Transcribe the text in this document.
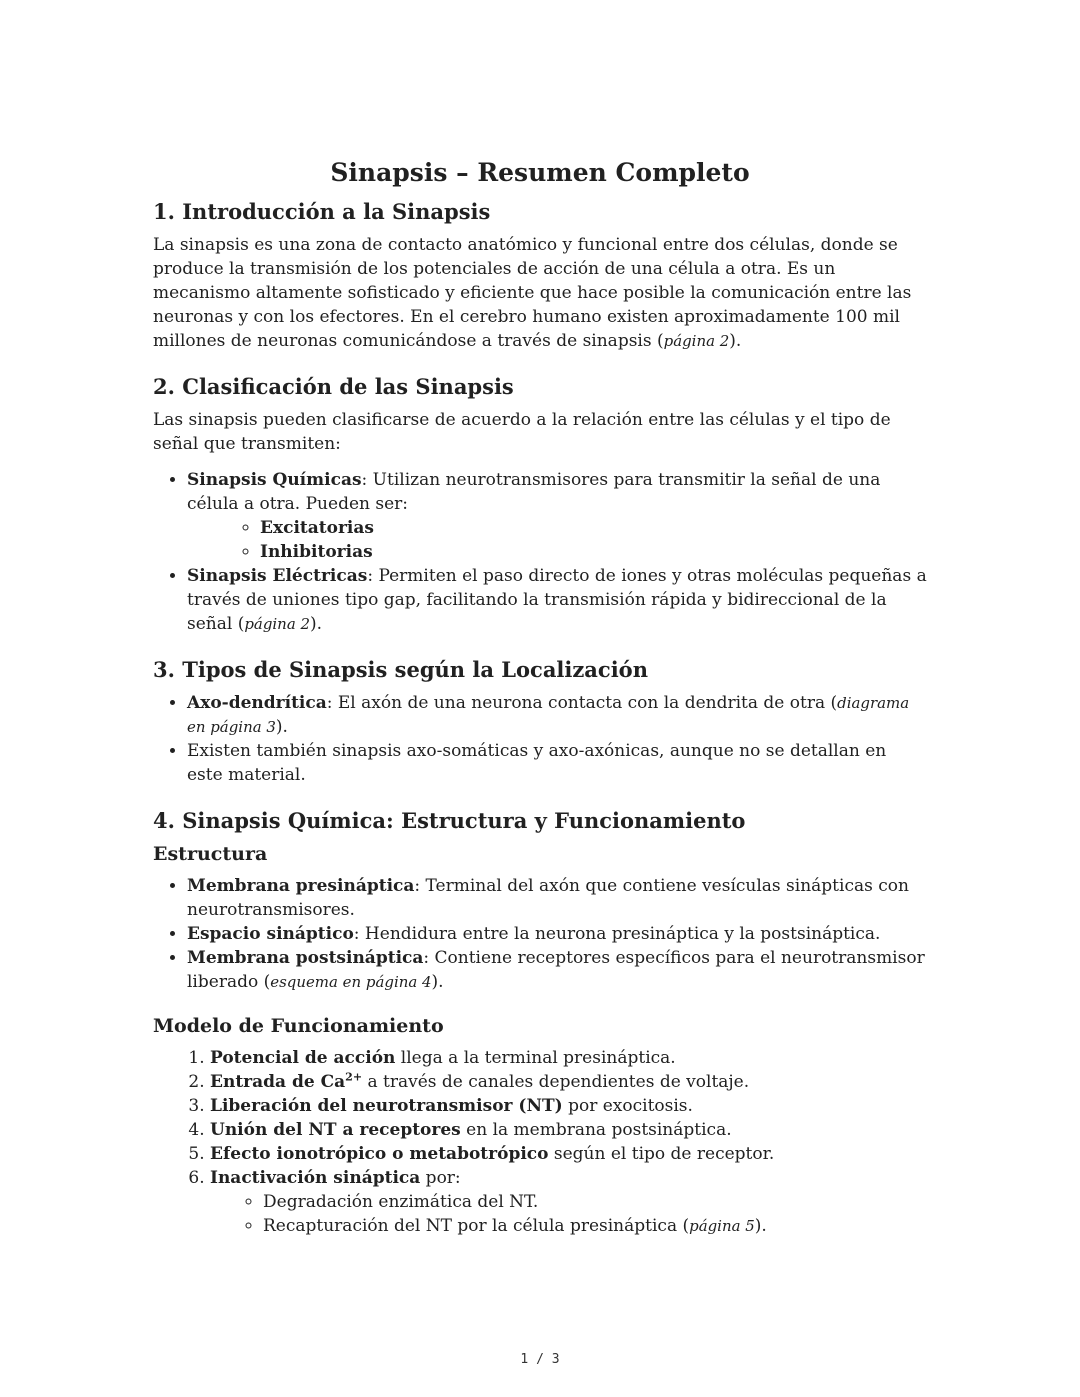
Sinapsis – Resumen Completo
1. Introducción a la Sinapsis

La sinapsis es una zona de contacto anatómico y funcional entre dos células, donde se produce la transmisión de los potenciales de acción de una célula a otra. Es un mecanismo altamente sofisticado y eficiente que hace posible la comunicación entre las neuronas y con los efectores. En el cerebro humano existen aproximadamente 100 mil millones de neuronas comunicándose a través de sinapsis (página 2).

2. Clasificación de las Sinapsis

Las sinapsis pueden clasificarse de acuerdo a la relación entre las células y el tipo de señal que transmiten:

• Sinapsis Químicas: Utilizan neurotransmisores para transmitir la señal de una célula a otra. Pueden ser:
◦ Excitatorias
◦ Inhibitorias
• Sinapsis Eléctricas: Permiten el paso directo de iones y otras moléculas pequeñas a través de uniones tipo gap, facilitando la transmisión rápida y bidireccional de la señal (página 2).
3. Tipos de Sinapsis según la Localización
• Axo-dendrítica: El axón de una neurona contacta con la dendrita de otra (diagrama en página 3).
• Existen también sinapsis axo-somáticas y axo-axónicas, aunque no se detallan en este material.
4. Sinapsis Química: Estructura y Funcionamiento
Estructura
• Membrana presináptica: Terminal del axón que contiene vesículas sinápticas con neurotransmisores.
• Espacio sináptico: Hendidura entre la neurona presináptica y la postsináptica.
• Membrana postsináptica: Contiene receptores específicos para el neurotransmisor liberado (esquema en página 4).
Modelo de Funcionamiento
1. Potencial de acción llega a la terminal presináptica.
2. Entrada de $Ca^{2+}$ a través de canales dependientes de voltaje.
3. Liberación del neurotransmisor (NT) por exocitosis.
4. Unión del NT a receptores en la membrana postsináptica.
5. Efecto ionotrópico o metabotrópico según el tipo de receptor.
6. Inactivación sináptica por:
◦ Degradación enzimática del NT.
◦ Recapturación del NT por la célula presináptica (página 5).
1 / 3
